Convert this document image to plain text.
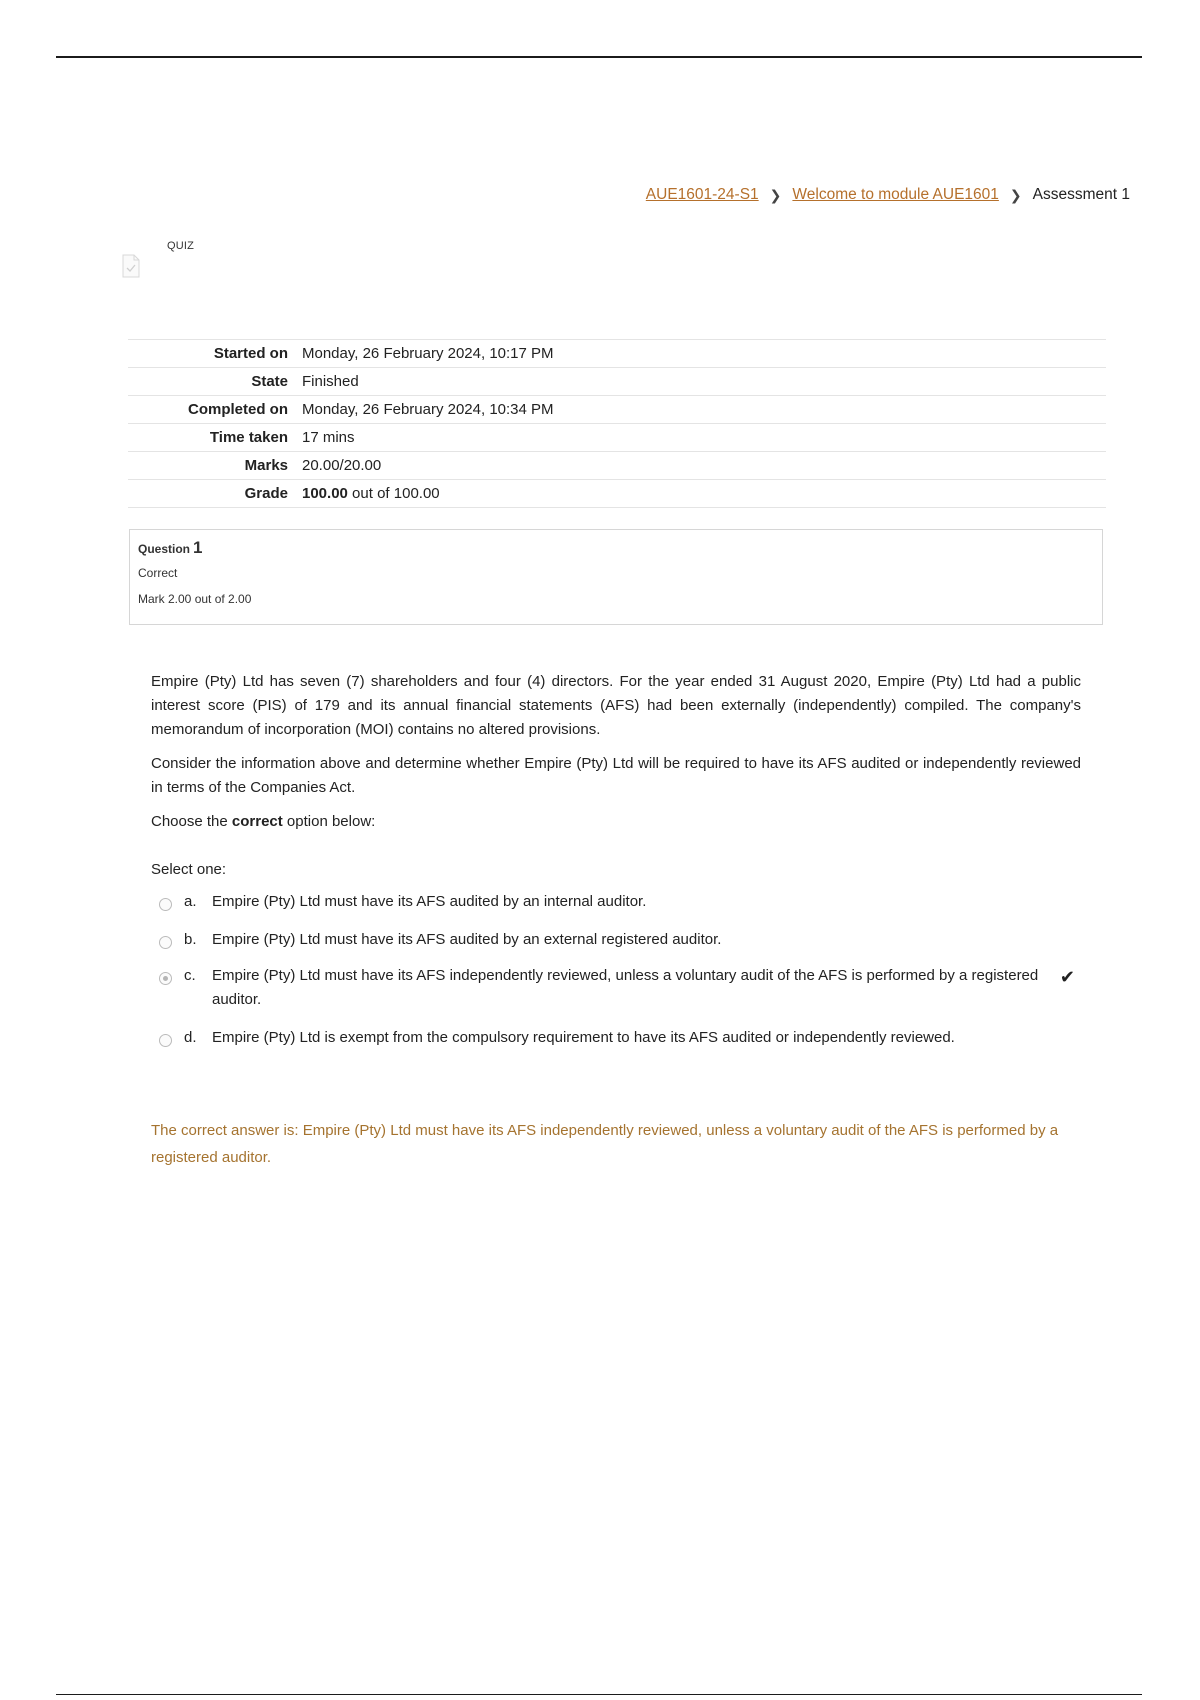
AUE1601-24-S1 ❯ Welcome to module AUE1601 ❯ Assessment 1
QUIZ
Started on	Monday, 26 February 2024, 10:17 PM
State	Finished
Completed on	Monday, 26 February 2024, 10:34 PM
Time taken	17 mins
Marks	20.00/20.00
Grade	100.00 out of 100.00
Question 1
Correct
Mark 2.00 out of 2.00

Empire (Pty) Ltd has seven (7) shareholders and four (4) directors. For the year ended 31 August 2020, Empire (Pty) Ltd had a public interest score (PIS) of 179 and its annual financial statements (AFS) had been externally (independently) compiled. The company's memorandum of incorporation (MOI) contains no altered provisions.

Consider the information above and determine whether Empire (Pty) Ltd will be required to have its AFS audited or independently reviewed in terms of the Companies Act.

Choose the correct option below:

Select one:
a.	Empire (Pty) Ltd must have its AFS audited by an internal auditor.
b.	Empire (Pty) Ltd must have its AFS audited by an external registered auditor.
c.	Empire (Pty) Ltd must have its AFS independently reviewed, unless a voluntary audit of the AFS is performed by a registered auditor.
✔
d.	Empire (Pty) Ltd is exempt from the compulsory requirement to have its AFS audited or independently reviewed.
The correct answer is: Empire (Pty) Ltd must have its AFS independently reviewed, unless a voluntary audit of the AFS is performed by a registered auditor.
